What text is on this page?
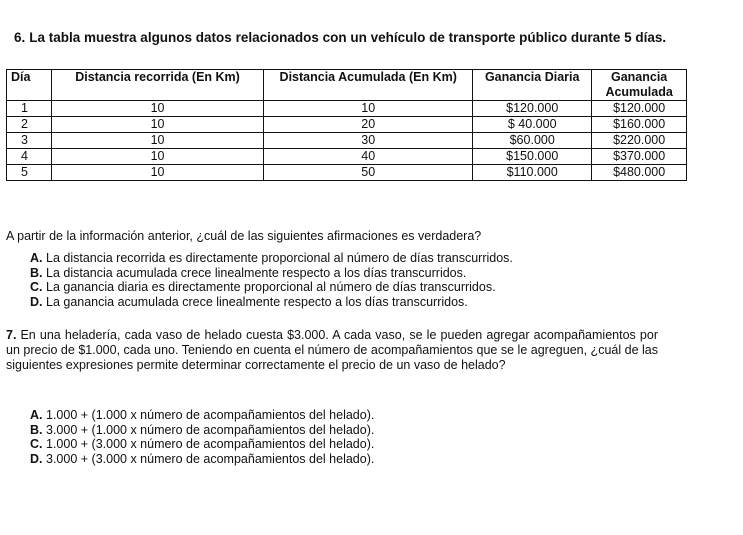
6. La tabla muestra algunos datos relacionados con un vehículo de transporte público durante 5 días.
Día	Distancia recorrida (En Km)	Distancia Acumulada (En Km)	Ganancia Diaria	Ganancia Acumulada
1	10	10	$120.000	$120.000
2	10	20	$ 40.000	$160.000
3	10	30	$60.000	$220.000
4	10	40	$150.000	$370.000
5	10	50	$110.000	$480.000
A partir de la información anterior, ¿cuál de las siguientes afirmaciones es verdadera?
A. La distancia recorrida es directamente proporcional al número de días transcurridos.
B. La distancia acumulada crece linealmente respecto a los días transcurridos.
C. La ganancia diaria es directamente proporcional al número de días transcurridos.
D. La ganancia acumulada crece linealmente respecto a los días transcurridos.
7. En una heladería, cada vaso de helado cuesta $3.000. A cada vaso, se le pueden agregar acompañamientos por un precio de $1.000, cada uno. Teniendo en cuenta el número de acompañamientos que se le agreguen, ¿cuál de las siguientes expresiones permite determinar correctamente el precio de un vaso de helado?
A. 1.000 + (1.000 x número de acompañamientos del helado).
B. 3.000 + (1.000 x número de acompañamientos del helado).
C. 1.000 + (3.000 x número de acompañamientos del helado).
D. 3.000 + (3.000 x número de acompañamientos del helado).
